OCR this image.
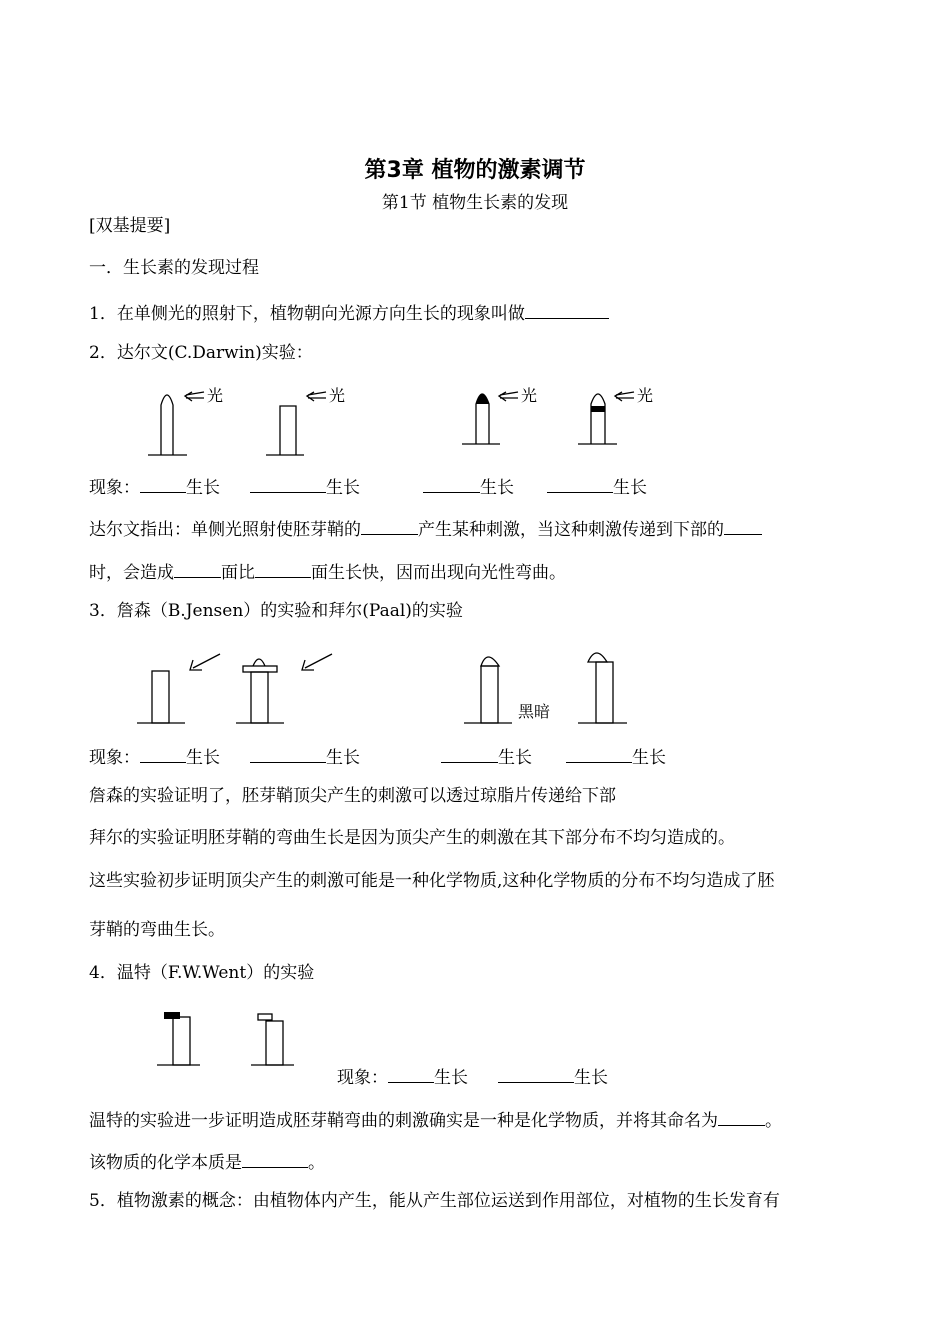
第3章 植物的激素调节
第1节 植物生长素的发现
[双基提要]
一．生长素的发现过程
1．在单侧光的照射下，植物朝向光源方向生长的现象叫做
2．达尔文(C.Darwin)实验：
光	光	光	光
现象：	生长	生长	生长	生长
达尔文指出：单侧光照射使胚芽鞘的	产生某种刺激，当这种刺激传递到下部的
时，会造成	面比	面生长快，因而出现向光性弯曲。
3．詹森（B.Jensen）的实验和拜尔(Paal)的实验
黑暗
现象：	生长	生长	生长	生长
詹森的实验证明了，胚芽鞘顶尖产生的刺激可以透过琼脂片传递给下部
拜尔的实验证明胚芽鞘的弯曲生长是因为顶尖产生的刺激在其下部分布不均匀造成的。
这些实验初步证明顶尖产生的刺激可能是一种化学物质,这种化学物质的分布不均匀造成了胚
芽鞘的弯曲生长。
4．温特（F.W.Went）的实验
现象：	生长	生长
温特的实验进一步证明造成胚芽鞘弯曲的刺激确实是一种是化学物质，并将其命名为	。
该物质的化学本质是	。
5．植物激素的概念：由植物体内产生，能从产生部位运送到作用部位，对植物的生长发育有
